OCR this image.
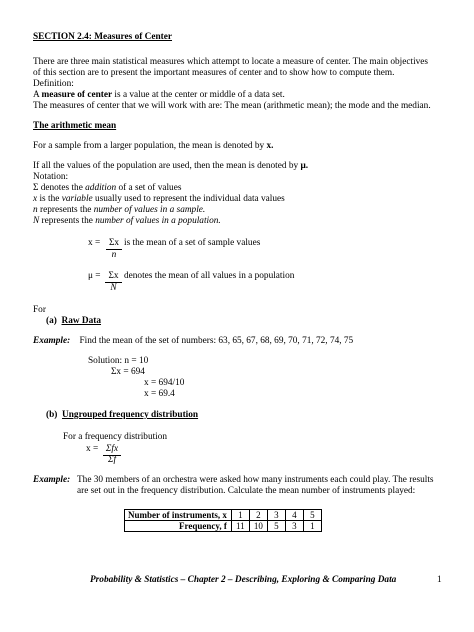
SECTION 2.4: Measures of Center
There are three main statistical measures which attempt to locate a measure of center. The main objectives
of this section are to present the important measures of center and to show how to compute them.
Definition:
A measure of center is a value at the center or middle of a data set.
The measures of center that we will work with are: The mean (arithmetic mean); the mode and the median.
The arithmetic mean
For a sample from a larger population, the mean is denoted by x.
If all the values of the population are used, then the mean is denoted by μ.
Notation:
Σ denotes the addition of a set of values
x is the variable usually used to represent the individual data values
n represents the number of values in a sample.
N represents the number of values in a population.
x = Σx
n
is the mean of a set of sample values
μ = Σx
N
denotes the mean of all values in a population
For
(a) Raw Data
Example: Find the mean of the set of numbers: 63, 65, 67, 68, 69, 70, 71, 72, 74, 75
Solution: n = 10
Σx = 694
x = 694/10
x = 69.4
(b) Ungrouped frequency distribution
For a frequency distribution
x = Σfx
Σf
Example: The 30 members of an orchestra were asked how many instruments each could play. The results
are set out in the frequency distribution. Calculate the mean number of instruments played:
Number of instruments, x	1	2	3	4	5
Frequency, f	11	10	5	3	1
Probability & Statistics – Chapter 2 – Describing, Exploring & Comparing Data	1
